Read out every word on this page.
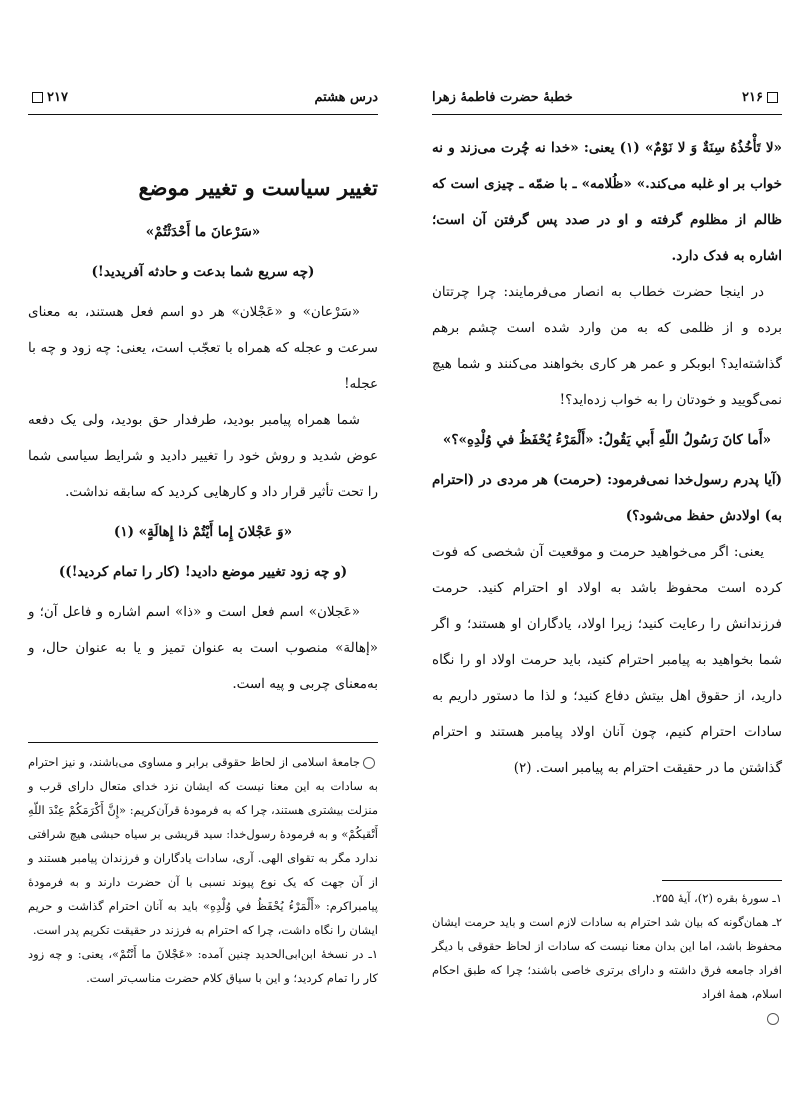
۲۱۶
خطبهٔ حضرت فاطمهٔ زهرا

«لا تَأْخُذُهُ سِنَةٌ وَ لا نَوْمٌ» (۱) یعنی: «خدا نه چُرت می‌زند و نه خواب بر او غلبه می‌کند.» «ظُلامه» ـ با ضمّه ـ چیزی است که ظالم از مظلوم گرفته و او در صدد پس گرفتن آن است؛ اشاره به فدک دارد.

در اینجا حضرت خطاب به انصار می‌فرمایند: چرا چرتتان برده و از ظلمی که به من وارد شده است چشم برهم گذاشته‌اید؟ ابوبکر و عمر هر کاری بخواهند می‌کنند و شما هیچ نمی‌گویید و خودتان را به خواب زده‌اید؟!

«أَما كانَ رَسُولُ اللّهِ أَبي يَقُولُ: «أَلْمَرْءُ يُحْفَظُ في وُلْدِهِ»؟»

(آیا پدرم رسول‌خدا نمی‌فرمود: (حرمت) هر مردی در (احترام به) اولادش حفظ می‌شود؟)

یعنی: اگر می‌خواهید حرمت و موقعیت آن شخصی که فوت کرده است محفوظ باشد به اولاد او احترام کنید. حرمت فرزندانش را رعایت کنید؛ زیرا اولاد، یادگاران او هستند؛ و اگر شما بخواهید به پیامبر احترام کنید، باید حرمت اولاد او را نگاه دارید، از حقوق اهل بیتش دفاع کنید؛ و لذا ما دستور داریم به سادات احترام کنیم، چون آنان اولاد پیامبر هستند و احترام گذاشتن ما در حقیقت احترام به پیامبر است. (۲)

۱ـ سورهٔ بقره (۲)، آیهٔ ۲۵۵.

۲ـ همان‌گونه که بیان شد احترام به سادات لازم است و باید حرمت ایشان محفوظ باشد، اما این بدان معنا نیست که سادات از لحاظ حقوقی با دیگر افراد جامعه فرق داشته و دارای برتری خاصی باشند؛ چرا که طبق احکام اسلام، همهٔ افراد

۲۱۷	درس هشتم
تغییر سیاست و تغییر موضع

«سَرْعانَ ما أَحْدَثْتُمْ»

(چه سریع شما بدعت و حادثه آفریدید!)

«سَرْعان» و «عَجْلان» هر دو اسم فعل هستند، به معنای سرعت و عجله که همراه با تعجّب است، یعنی: چه زود و چه با عجله!

شما همراه پیامبر بودید، طرفدار حق بودید، ولی یک دفعه عوض شدید و روش خود را تغییر دادید و شرایط سیاسی شما را تحت تأثیر قرار داد و کارهایی کردید که سابقه نداشت.

«وَ عَجْلانَ إِما أَيْتُمْ ذا إِهالَةٍ» (۱)

(و چه زود تغییر موضع دادید! (کار را تمام کردید!))

«عَجلان» اسم فعل است و «ذا» اسم اشاره و فاعل آن؛ و «إهالة» منصوب است به عنوان تمیز و یا به عنوان حال، و به‌معنای چربی و پیه است.

جامعهٔ اسلامی از لحاظ حقوقی برابر و مساوی می‌باشند، و نیز احترام به سادات به این معنا نیست که ایشان نزد خدای متعال دارای قرب و منزلت بیشتری هستند، چرا که به فرمودهٔ قرآن‌کریم: «إِنَّ أَكْرَمَكُمْ عِنْدَ اللّهِ أَتْقيكُمْ» و به فرمودهٔ رسول‌خدا: سید قریشی بر سیاه حبشی هیچ شرافتی ندارد مگر به تقوای الهی. آری، سادات یادگاران و فرزندان پیامبر هستند و از آن جهت که یک نوع پیوند نسبی با آن حضرت دارند و به فرمودهٔ پیامبراکرم: «أَلْمَرْءُ يُحْفَظُ في وُلْدِهِ» باید به آنان احترام گذاشت و حریم ایشان را نگاه داشت، چرا که احترام به فرزند در حقیقت تکریم پدر است.

۱ـ در نسخهٔ ابن‌ابی‌الحدید چنین آمده: «عَجْلانَ ما أَنْتُمْ»، یعنی: و چه زود کار را تمام کردید؛ و این با سیاق کلام حضرت مناسب‌تر است.
